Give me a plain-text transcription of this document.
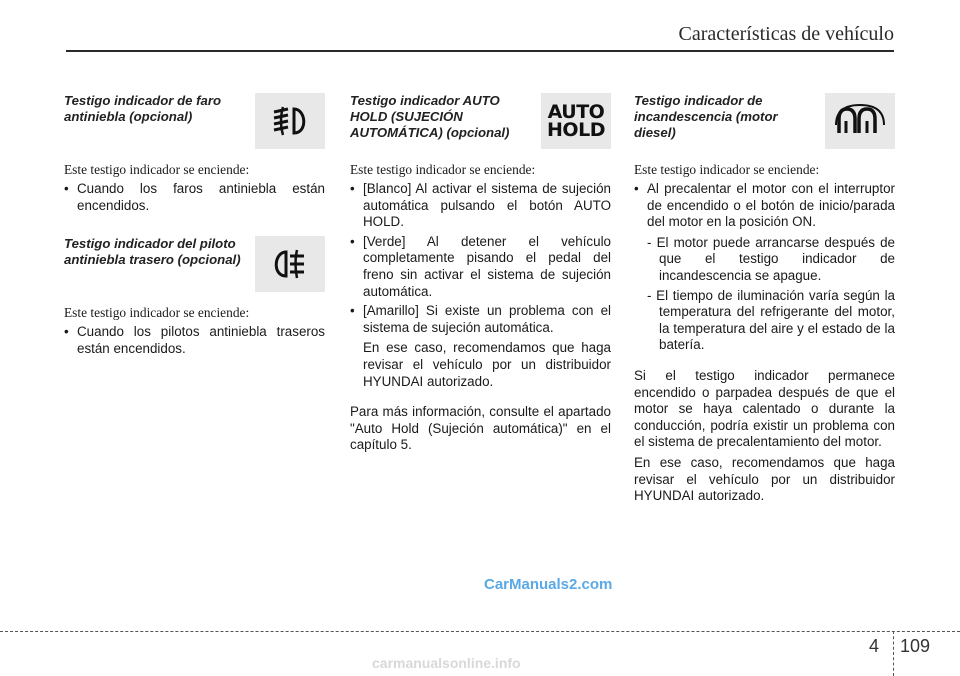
Características de vehículo
Testigo indicador de faro antiniebla (opcional)
Este testigo indicador se enciende:
• Cuando los faros antiniebla están encendidos.
Testigo indicador del piloto antiniebla trasero (opcional)
Este testigo indicador se enciende:
• Cuando los pilotos antiniebla traseros están encendidos.
Testigo indicador AUTO HOLD (SUJECIÓN AUTOMÁTICA) (opcional)
AUTO
HOLD
Este testigo indicador se enciende:
• [Blanco] Al activar el sistema de sujeción automática pulsando el botón AUTO HOLD.
• [Verde] Al detener el vehículo completamente pisando el pedal del freno sin activar el sistema de sujeción automática.
• [Amarillo] Si existe un problema con el sistema de sujeción automática.
En ese caso, recomendamos que haga revisar el vehículo por un distribuidor HYUNDAI autorizado.
Para más información, consulte el apartado "Auto Hold (Sujeción automática)" en el capítulo 5.
Testigo indicador de incandescencia (motor diesel)
Este testigo indicador se enciende:
• Al precalentar el motor con el interruptor de encendido o el botón de inicio/parada del motor en la posición ON.
- El motor puede arrancarse después de que el testigo indicador de incandescencia se apague.
- El tiempo de iluminación varía según la temperatura del refrigerante del motor, la temperatura del aire y el estado de la batería.
Si el testigo indicador permanece encendido o parpadea después de que el motor se haya calentado o durante la conducción, podría existir un problema con el sistema de precalentamiento del motor.
En ese caso, recomendamos que haga revisar el vehículo por un distribuidor HYUNDAI autorizado.
CarManuals2.com
4 109
carmanualsonline.info
